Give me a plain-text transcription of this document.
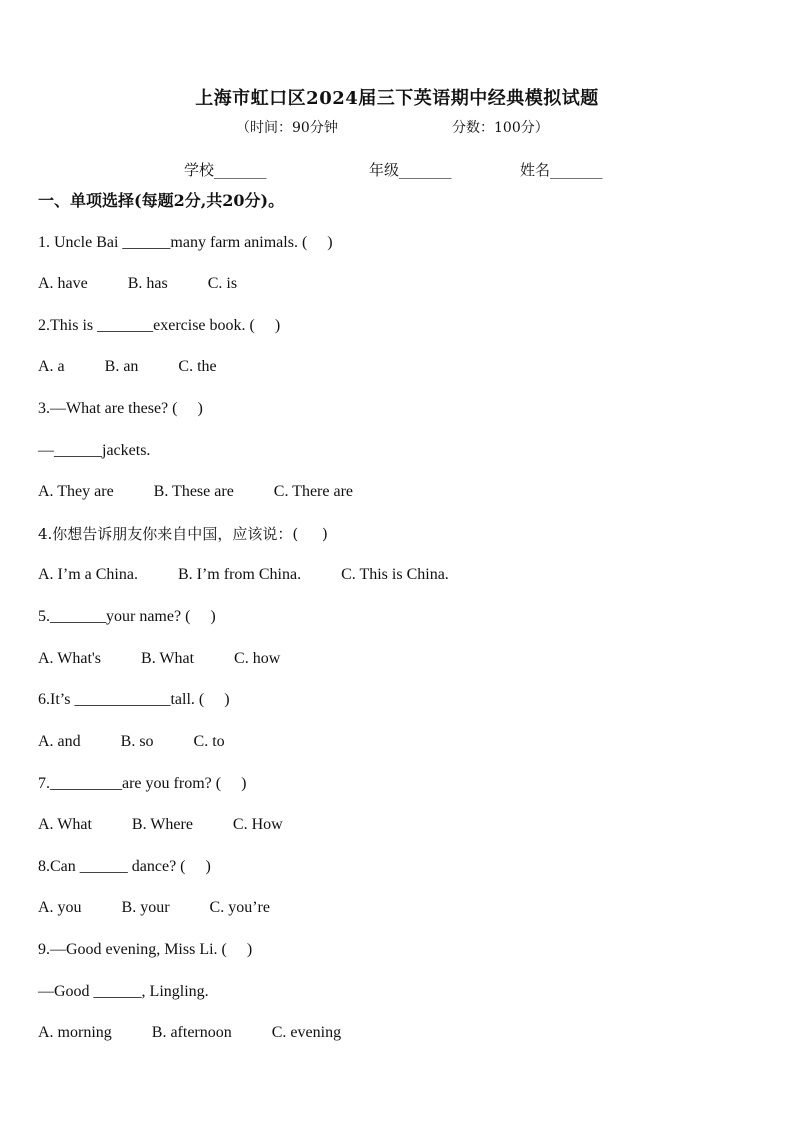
上海市虹口区2024届三下英语期中经典模拟试题
（时间：90分钟	分数：100分）
学校_______	年级_______	姓名_______
一、单项选择(每题2分,共20分)。
1. Uncle Bai ______many farm animals. (     )
A. have          B. has          C. is
2.This is _______exercise book. (     )
A. a          B. an          C. the
3.—What are these? (     )
—______jackets.
A. They are          B. These are          C. There are
4.你想告诉朋友你来自中国，应该说：(     )
A. I’m a China.          B. I’m from China.          C. This is China.
5._______your name? (     )
A. What's          B. What          C. how
6.It’s ____________tall. (     )
A. and          B. so          C. to
7._________are you from? (     )
A. What          B. Where          C. How
8.Can ______ dance? (     )
A. you          B. your          C. you’re
9.—Good evening, Miss Li. (     )
—Good ______, Lingling.
A. morning          B. afternoon          C. evening
